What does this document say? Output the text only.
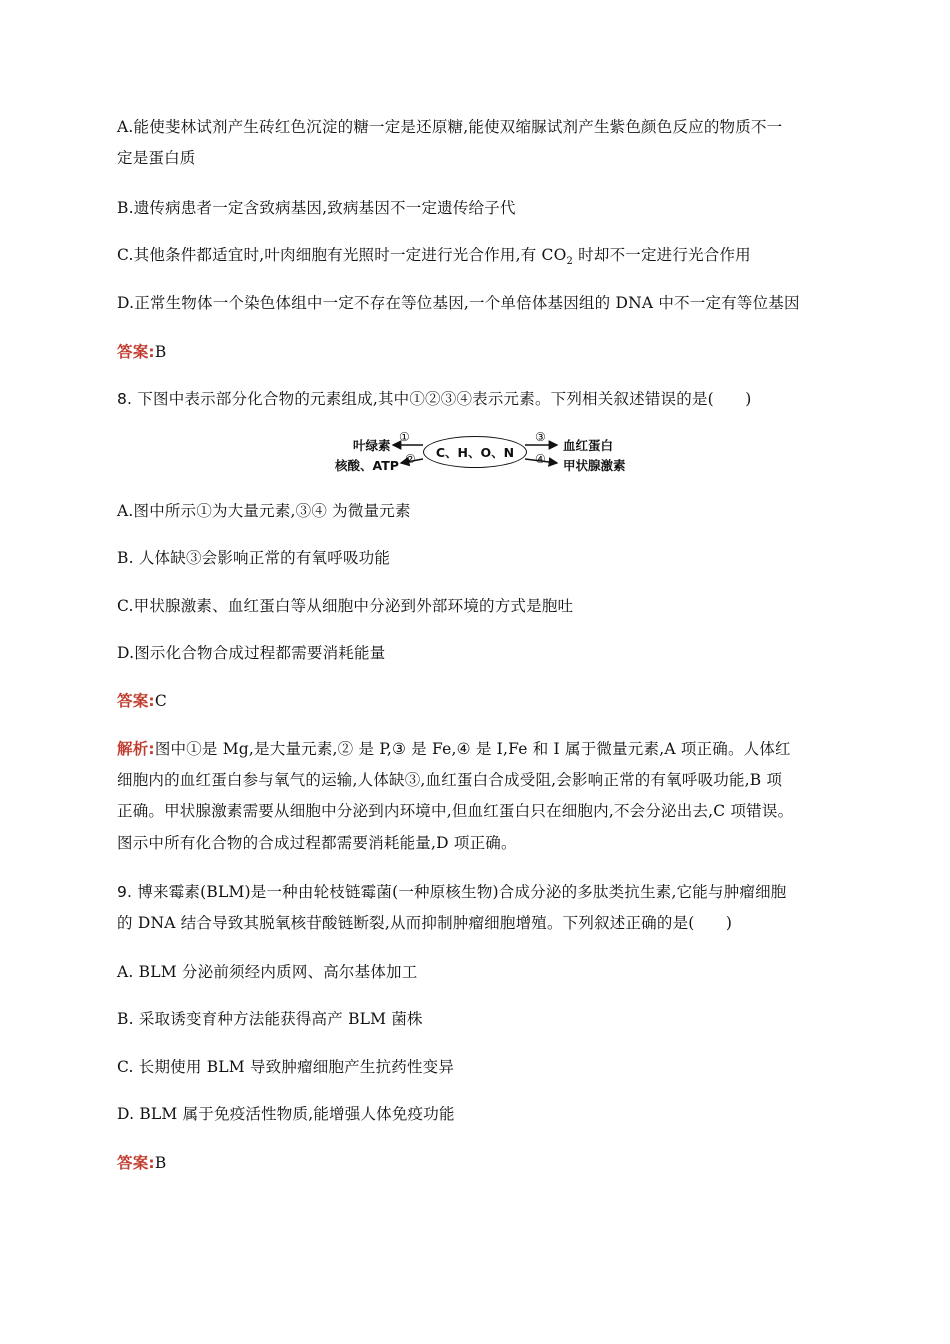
A.能使斐林试剂产生砖红色沉淀的糖一定是还原糖,能使双缩脲试剂产生紫色颜色反应的物质不一
定是蛋白质
B.遗传病患者一定含致病基因,致病基因不一定遗传给子代
C.其他条件都适宜时,叶肉细胞有光照时一定进行光合作用,有 $CO_2$ 时却不一定进行光合作用
D.正常生物体一个染色体组中一定不存在等位基因,一个单倍体基因组的 DNA 中不一定有等位基因
答案:B
8. 下图中表示部分化合物的元素组成,其中①②③④表示元素。下列相关叙述错误的是(　　)
叶绿素
核酸、ATP
①
②	C、H、O、N
③
④
血红蛋白
甲状腺激素
A.图中所示①为大量元素,③④ 为微量元素
B. 人体缺③会影响正常的有氧呼吸功能
C.甲状腺激素、血红蛋白等从细胞中分泌到外部环境的方式是胞吐
D.图示化合物合成过程都需要消耗能量
答案:C
解析:图中①是 Mg,是大量元素,② 是 P,③ 是 Fe,④ 是 I,Fe 和 I 属于微量元素,A 项正确。人体红
细胞内的血红蛋白参与氧气的运输,人体缺③,血红蛋白合成受阻,会影响正常的有氧呼吸功能,B 项
正确。甲状腺激素需要从细胞中分泌到内环境中,但血红蛋白只在细胞内,不会分泌出去,C 项错误。
图示中所有化合物的合成过程都需要消耗能量,D 项正确。
9. 博来霉素(BLM)是一种由轮枝链霉菌(一种原核生物)合成分泌的多肽类抗生素,它能与肿瘤细胞
的 DNA 结合导致其脱氧核苷酸链断裂,从而抑制肿瘤细胞增殖。下列叙述正确的是(　　)
A. BLM 分泌前须经内质网、高尔基体加工
B. 采取诱变育种方法能获得高产 BLM 菌株
C. 长期使用 BLM 导致肿瘤细胞产生抗药性变异
D. BLM 属于免疫活性物质,能增强人体免疫功能
答案:B
